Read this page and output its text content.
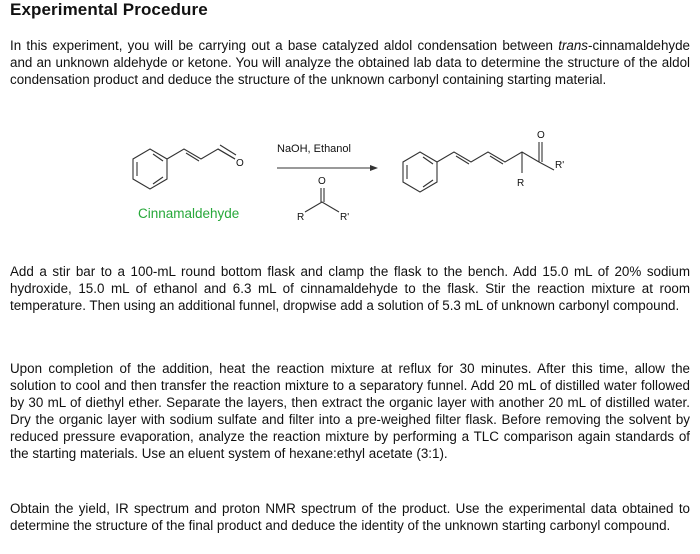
Experimental Procedure

In this experiment, you will be carrying out a base catalyzed aldol condensation between trans-cinnamaldehyde and an unknown aldehyde or ketone. You will analyze the obtained lab data to determine the structure of the aldol condensation product and deduce the structure of the unknown carbonyl containing starting material.

O
Cinnamaldehyde
NaOH, Ethanol
O
R	R'
O
R
R'

Add a stir bar to a 100-mL round bottom flask and clamp the flask to the bench. Add 15.0 mL of 20% sodium hydroxide, 15.0 mL of ethanol and 6.3 mL of cinnamaldehyde to the flask. Stir the reaction mixture at room temperature. Then using an additional funnel, dropwise add a solution of 5.3 mL of unknown carbonyl compound.

Upon completion of the addition, heat the reaction mixture at reflux for 30 minutes. After this time, allow the solution to cool and then transfer the reaction mixture to a separatory funnel. Add 20 mL of distilled water followed by 30 mL of diethyl ether. Separate the layers, then extract the organic layer with another 20 mL of distilled water. Dry the organic layer with sodium sulfate and filter into a pre-weighed filter flask. Before removing the solvent by reduced pressure evaporation, analyze the reaction mixture by performing a TLC comparison again standards of the starting materials. Use an eluent system of hexane:ethyl acetate (3:1).

Obtain the yield, IR spectrum and proton NMR spectrum of the product. Use the experimental data obtained to determine the structure of the final product and deduce the identity of the unknown starting carbonyl compound.
